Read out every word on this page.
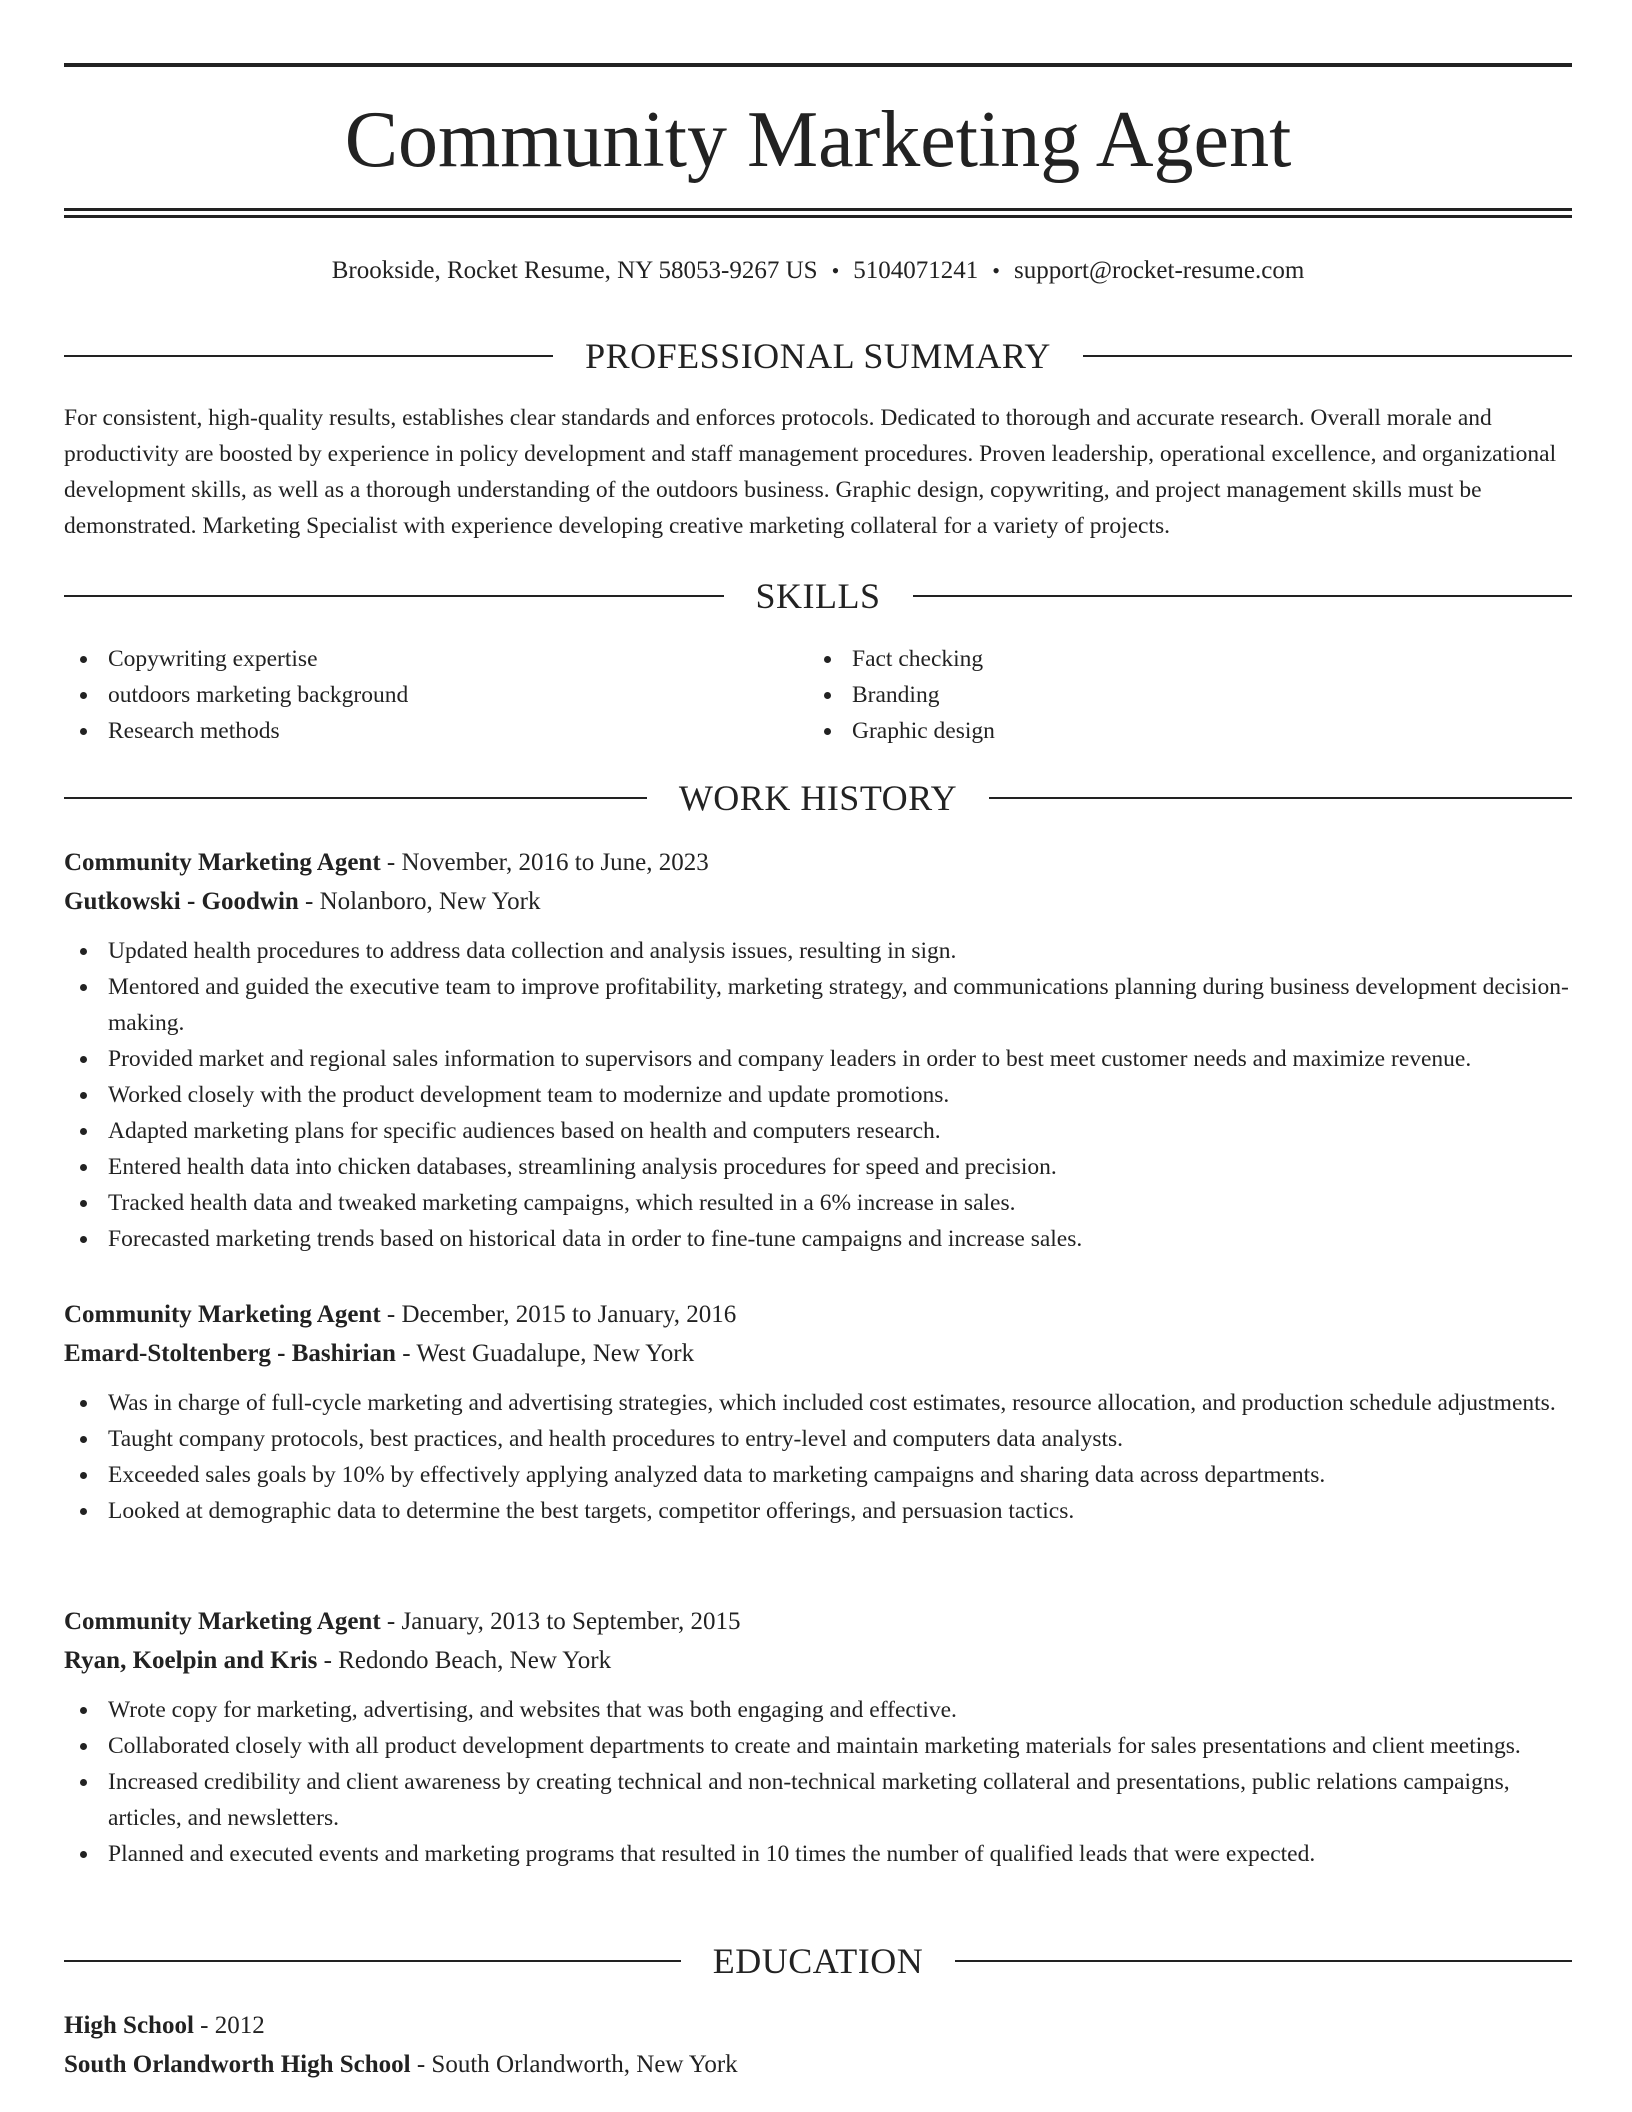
Community Marketing Agent
Brookside, Rocket Resume, NY 58053-9267 US • 5104071241 • support@rocket-resume.com
PROFESSIONAL SUMMARY

For consistent, high-quality results, establishes clear standards and enforces protocols. Dedicated to thorough and accurate research. Overall morale and productivity are boosted by experience in policy development and staff management procedures. Proven leadership, operational excellence, and organizational development skills, as well as a thorough understanding of the outdoors business. Graphic design, copywriting, and project management skills must be demonstrated. Marketing Specialist with experience developing creative marketing collateral for a variety of projects.

SKILLS
Copywriting expertise
outdoors marketing background
Research methods
Fact checking
Branding
Graphic design
WORK HISTORY

Community Marketing Agent - November, 2016 to June, 2023

Gutkowski - Goodwin - Nolanboro, New York

Updated health procedures to address data collection and analysis issues, resulting in sign.
Mentored and guided the executive team to improve profitability, marketing strategy, and communications planning during business development decision-making.
Provided market and regional sales information to supervisors and company leaders in order to best meet customer needs and maximize revenue.
Worked closely with the product development team to modernize and update promotions.
Adapted marketing plans for specific audiences based on health and computers research.
Entered health data into chicken databases, streamlining analysis procedures for speed and precision.
Tracked health data and tweaked marketing campaigns, which resulted in a 6% increase in sales.
Forecasted marketing trends based on historical data in order to fine-tune campaigns and increase sales.

Community Marketing Agent - December, 2015 to January, 2016

Emard-Stoltenberg - Bashirian - West Guadalupe, New York

Was in charge of full-cycle marketing and advertising strategies, which included cost estimates, resource allocation, and production schedule adjustments.
Taught company protocols, best practices, and health procedures to entry-level and computers data analysts.
Exceeded sales goals by 10% by effectively applying analyzed data to marketing campaigns and sharing data across departments.
Looked at demographic data to determine the best targets, competitor offerings, and persuasion tactics.

Community Marketing Agent - January, 2013 to September, 2015

Ryan, Koelpin and Kris - Redondo Beach, New York

Wrote copy for marketing, advertising, and websites that was both engaging and effective.
Collaborated closely with all product development departments to create and maintain marketing materials for sales presentations and client meetings.
Increased credibility and client awareness by creating technical and non-technical marketing collateral and presentations, public relations campaigns, articles, and newsletters.
Planned and executed events and marketing programs that resulted in 10 times the number of qualified leads that were expected.
EDUCATION

High School - 2012

South Orlandworth High School - South Orlandworth, New York
